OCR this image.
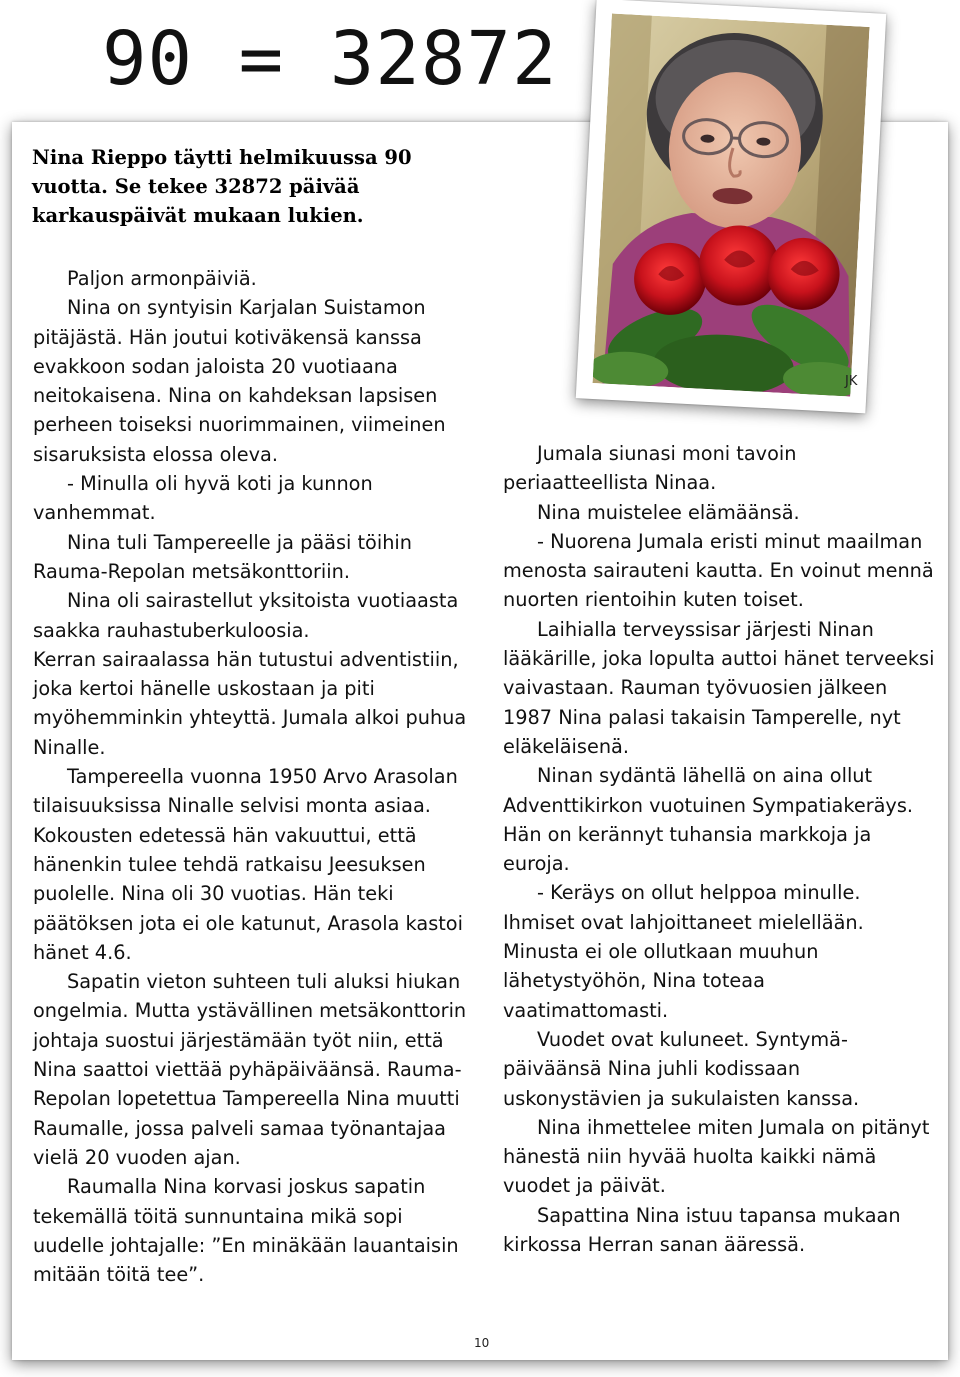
90 = 32872

Nina Rieppo täytti helmikuussa 90 vuotta. Se tekee 32872 päivää karkauspäivät mukaan lukien.

Paljon armonpäiviä.

Nina on syntyisin Karjalan Suistamon pitäjästä. Hän joutui kotiväkensä kanssa evakkoon sodan jaloista 20 vuotiaana neitokaisena. Nina on kahdeksan lapsisen perheen toiseksi nuorimmainen, viimeinen sisaruksista elossa oleva.

- Minulla oli hyvä koti ja kunnon vanhemmat.

Nina tuli Tampereelle ja pääsi töihin Rauma-Repolan metsäkonttoriin.

Nina oli sairastellut yksitoista vuotiaasta saakka rauhastuberkuloosia.

Kerran sairaalassa hän tutustui adventistiin, joka kertoi hänelle uskostaan ja piti myöhemminkin yhteyttä. Jumala alkoi puhua Ninalle.

Tampereella vuonna 1950 Arvo Arasolan tilaisuuksissa Ninalle selvisi monta asiaa. Kokousten edetessä hän vakuuttui, että hänenkin tulee tehdä ratkaisu Jeesuksen puolelle. Nina oli 30 vuotias. Hän teki päätöksen jota ei ole katunut, Arasola kastoi hänet 4.6.

Sapatin vieton suhteen tuli aluksi hiukan ongelmia. Mutta ystävällinen metsäkonttorin johtaja suostui järjestämään työt niin, että Nina saattoi viettää pyhäpäiväänsä. Rauma-Repolan lopetettua Tampereella Nina muutti Raumalle, jossa palveli samaa työnantajaa vielä 20 vuoden ajan.

Raumalla Nina korvasi joskus sapatin tekemällä töitä sunnuntaina mikä sopi uudelle johtajalle: ”En minäkään lauantaisin mitään töitä tee”.

Jumala siunasi moni tavoin periaatteellista Ninaa.

Nina muistelee elämäänsä.

- Nuorena Jumala eristi minut maailman menosta sairauteni kautta. En voinut mennä nuorten rientoihin kuten toiset.

Laihialla terveyssisar järjesti Ninan lääkärille, joka lopulta auttoi hänet terveeksi vaivastaan. Rauman työvuosien jälkeen 1987 Nina palasi takaisin Tamperelle, nyt eläkeläisenä.

Ninan sydäntä lähellä on aina ollut Adventtikirkon vuotuinen Sympatiakeräys. Hän on kerännyt tuhansia markkoja ja euroja.

- Keräys on ollut helppoa minulle. Ihmiset ovat lahjoittaneet mielellään. Minusta ei ole ollutkaan muuhun lähetystyöhön, Nina toteaa vaatimattomasti.

Vuodet ovat kuluneet. Syntymä-päiväänsä Nina juhli kodissaan uskonystävien ja sukulaisten kanssa.

Nina ihmettelee miten Jumala on pitänyt hänestä niin hyvää huolta kaikki nämä vuodet ja päivät.

Sapattina Nina istuu tapansa mukaan kirkossa Herran sanan ääressä.

JK

10
